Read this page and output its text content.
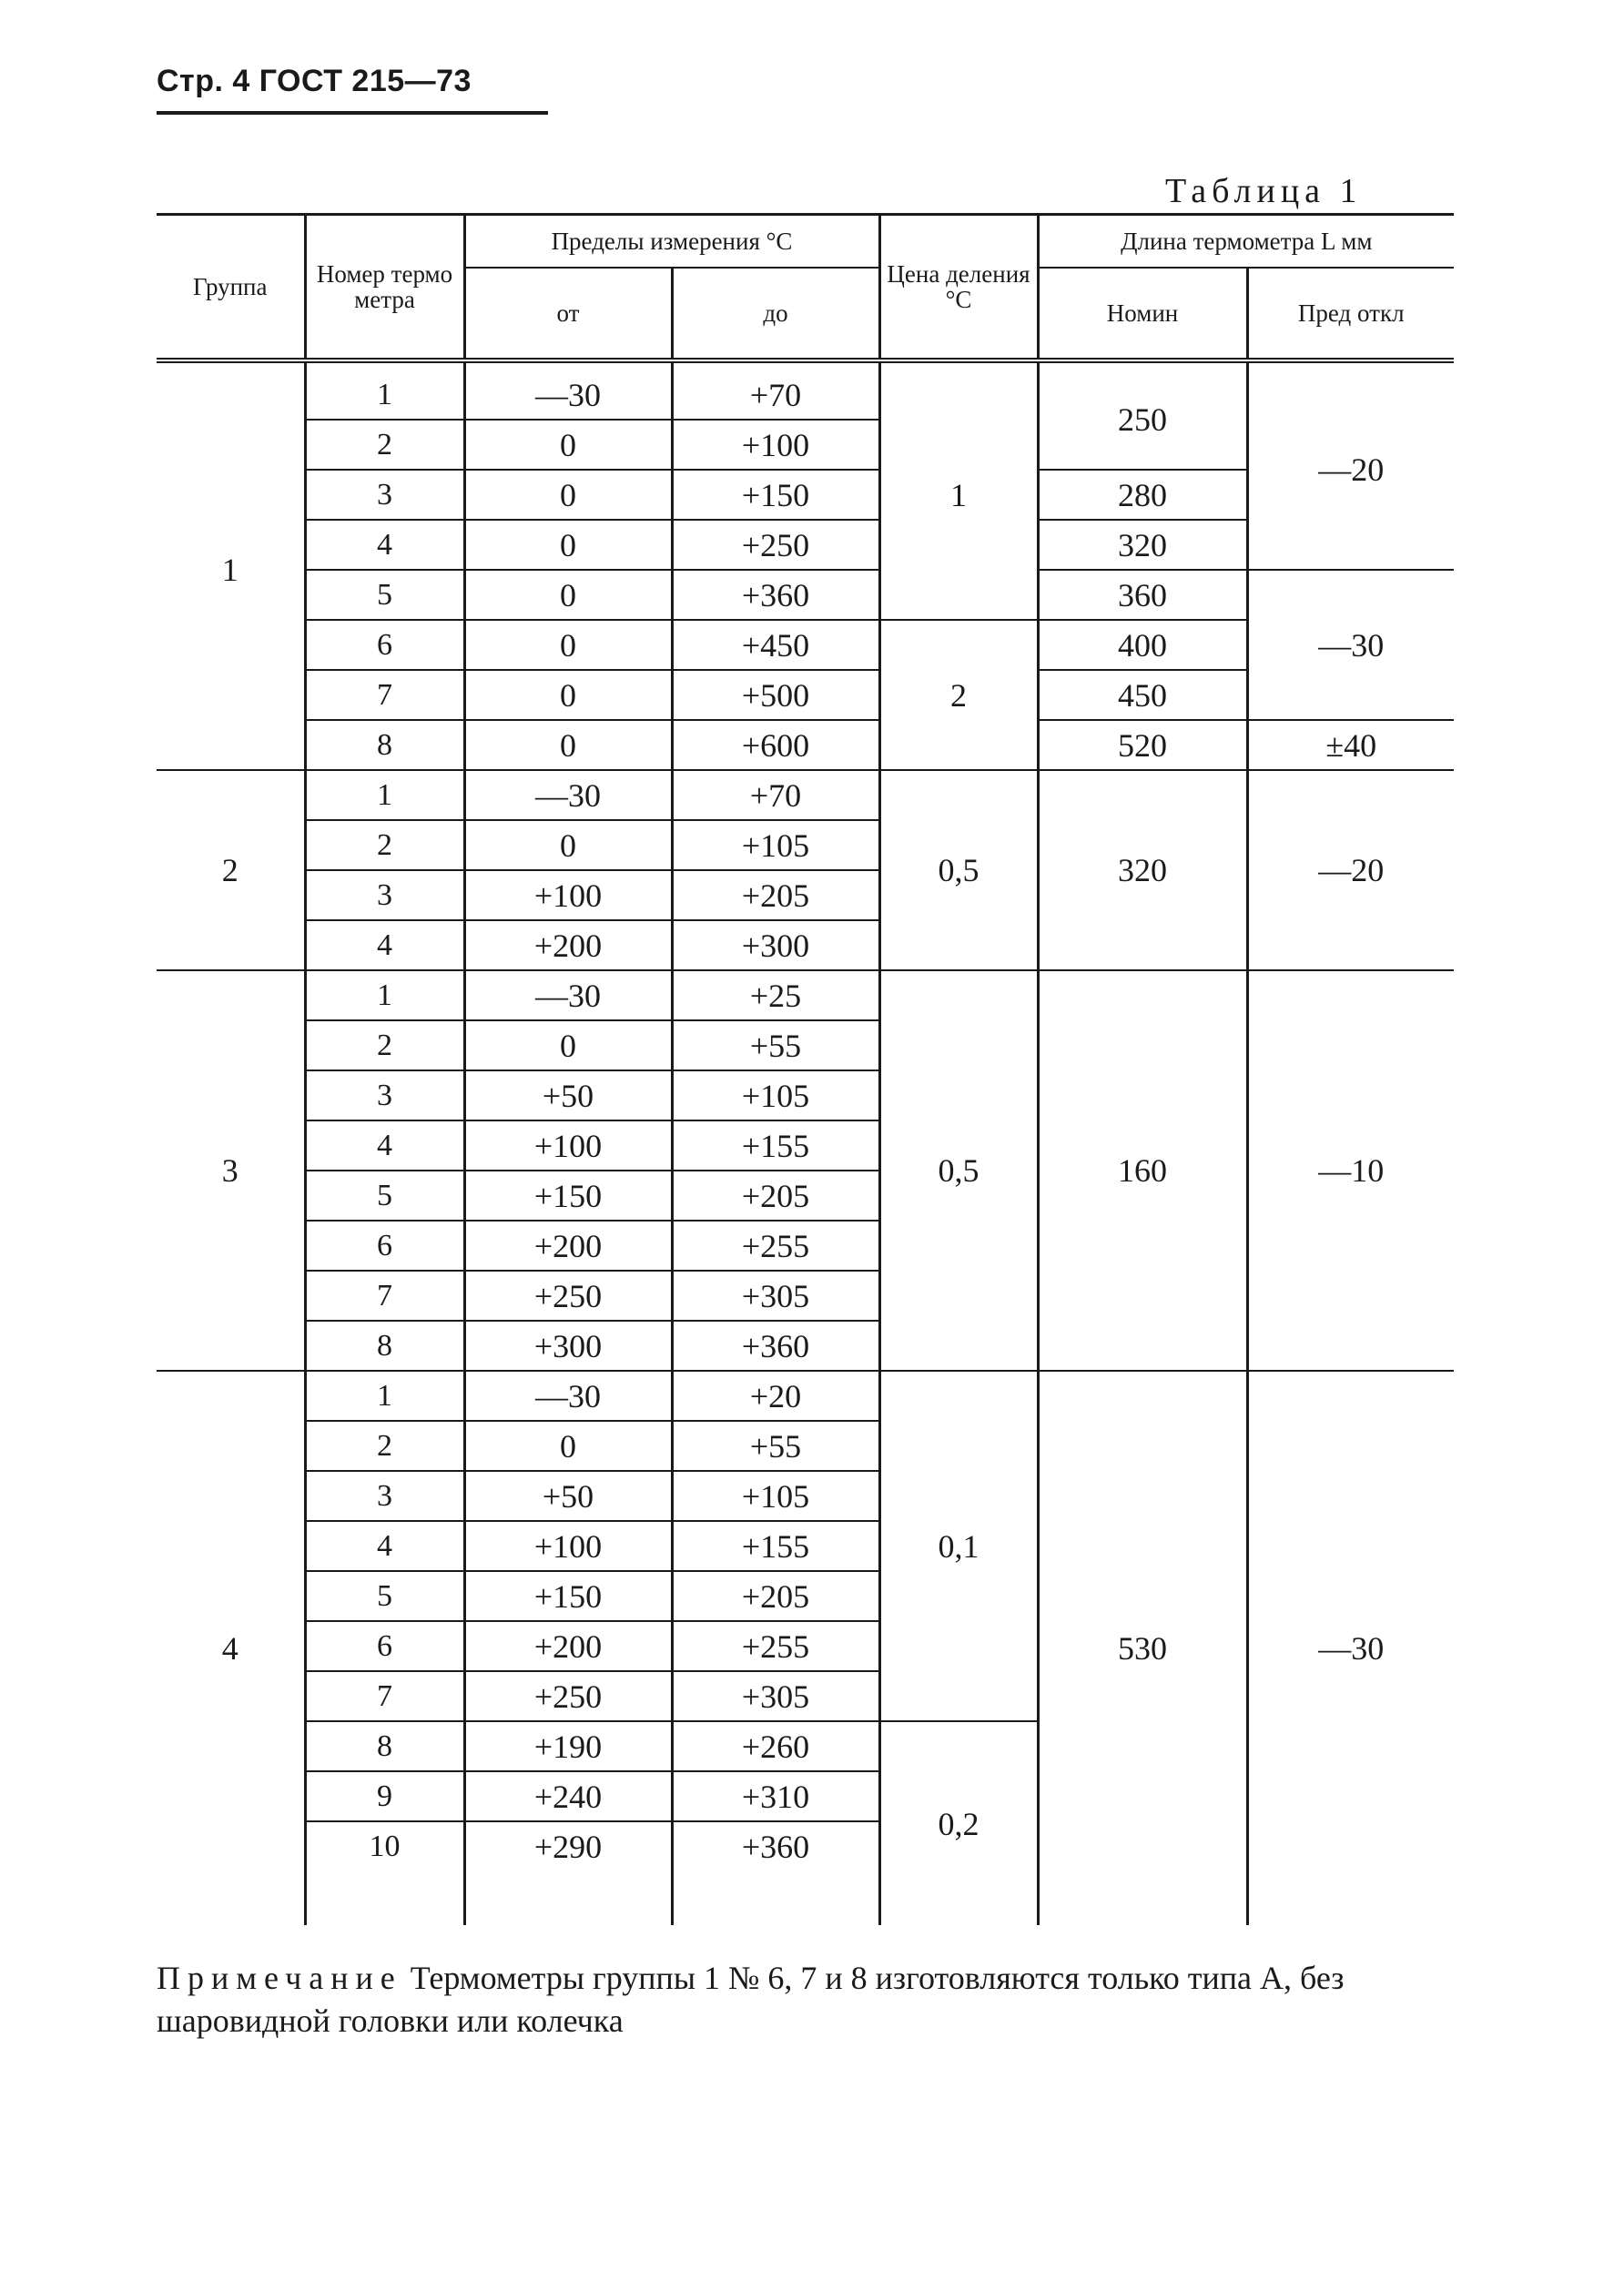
Стр. 4 ГОСТ 215—73
Таблица 1
Группа	Номер термо метра	Пределы измерения °С		Цена деления °С	Длина термометра L мм	
		от	до		Номин	Пред откл
1	1	—30	+70	1	250	—20
	2	0	+100			
	3	0	+150		280	
	4	0	+250		320	
	5	0	+360		360	—30
	6	0	+450	2	400	
	7	0	+500		450	
	8	0	+600		520	±40
2	1	—30	+70	0,5	320	—20
	2	0	+105			
	3	+100	+205			
	4	+200	+300			
3	1	—30	+25	0,5	160	—10
	2	0	+55			
	3	+50	+105			
	4	+100	+155			
	5	+150	+205			
	6	+200	+255			
	7	+250	+305			
	8	+300	+360			
4	1	—30	+20	0,1	530	—30
	2	0	+55			
	3	+50	+105			
	4	+100	+155			
	5	+150	+205			
	6	+200	+255			
	7	+250	+305			
	8	+190	+260	0,2		
	9	+240	+310			
	10	+290	+360			

Примечание Термометры группы 1 № 6, 7 и 8 изготовляются только типа А, без шаровидной головки или колечка
